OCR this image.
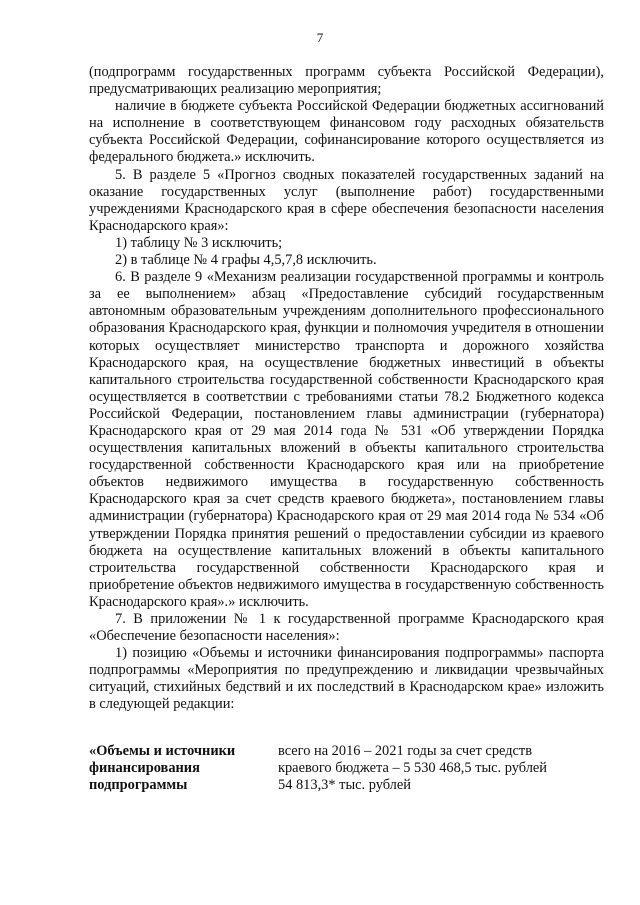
7

(подпрограмм государственных программ субъекта Российской Федерации), предусматривающих реализацию мероприятия;

наличие в бюджете субъекта Российской Федерации бюджетных ассигнований на исполнение в соответствующем финансовом году расходных обязательств субъекта Российской Федерации, софинансирование которого осуществляется из федерального бюджета.» исключить.

5. В разделе 5 «Прогноз сводных показателей государственных заданий на оказание государственных услуг (выполнение работ) государственными учреждениями Краснодарского края в сфере обеспечения безопасности населения Краснодарского края»:

1) таблицу № 3 исключить;

2) в таблице № 4 графы 4,5,7,8 исключить.

6. В разделе 9 «Механизм реализации государственной программы и контроль за ее выполнением» абзац «Предоставление субсидий государственным автономным образовательным учреждениям дополнительного профессионального образования Краснодарского края, функции и полномочия учредителя в отношении которых осуществляет министерство транспорта и дорожного хозяйства Краснодарского края, на осуществление бюджетных инвестиций в объекты капитального строительства государственной собственности Краснодарского края осуществляется в соответствии с требованиями статьи 78.2 Бюджетного кодекса Российской Федерации, постановлением главы администрации (губернатора) Краснодарского края от 29 мая 2014 года № 531 «Об утверждении Порядка осуществления капитальных вложений в объекты капитального строительства государственной собственности Краснодарского края или на приобретение объектов недвижимого имущества в государственную собственность Краснодарского края за счет средств краевого бюджета», постановлением главы администрации (губернатора) Краснодарского края от 29 мая 2014 года № 534 «Об утверждении Порядка принятия решений о предоставлении субсидии из краевого бюджета на осуществление капитальных вложений в объекты капитального строительства государственной собственности Краснодарского края и приобретение объектов недвижимого имущества в государственную собственность Краснодарского края».» исключить.

7. В приложении № 1 к государственной программе Краснодарского края «Обеспечение безопасности населения»:

1) позицию «Объемы и источники финансирования подпрограммы» паспорта подпрограммы «Мероприятия по предупреждению и ликвидации чрезвычайных ситуаций, стихийных бедствий и их последствий в Краснодарском крае» изложить в следующей редакции:

«Объемы и источники
финансирования
подпрограммы
всего на 2016 – 2021 годы за счет средств
краевого бюджета – 5 530 468,5 тыс. рублей
54 813,3* тыс. рублей
